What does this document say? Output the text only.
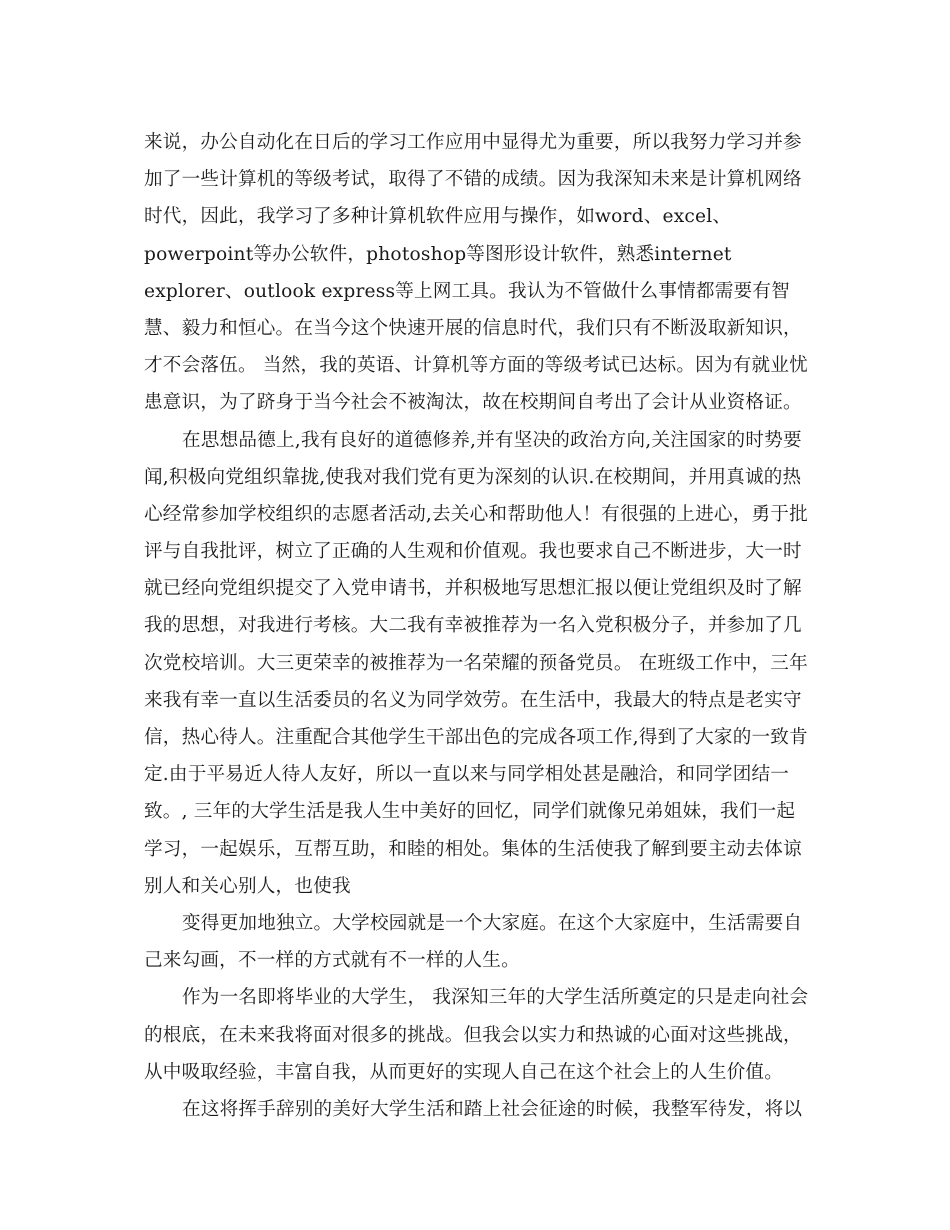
来说，办公自动化在日后的学习工作应用中显得尤为重要，所以我努力学习并参
加了一些计算机的等级考试，取得了不错的成绩。因为我深知未来是计算机网络
时代，因此，我学习了多种计算机软件应用与操作，如word、excel、
powerpoint等办公软件，photoshop等图形设计软件，熟悉internet
explorer、outlook express等上网工具。我认为不管做什么事情都需要有智
慧、毅力和恒心。在当今这个快速开展的信息时代，我们只有不断汲取新知识，
才不会落伍。 当然，我的英语、计算机等方面的等级考试已达标。因为有就业忧
患意识，为了跻身于当今社会不被淘汰，故在校期间自考出了会计从业资格证。
在思想品德上,我有良好的道德修养,并有坚决的政治方向,关注国家的时势要
闻,积极向党组织靠拢,使我对我们党有更为深刻的认识.在校期间，并用真诚的热
心经常参加学校组织的志愿者活动,去关心和帮助他人！有很强的上进心，勇于批
评与自我批评，树立了正确的人生观和价值观。我也要求自己不断进步，大一时
就已经向党组织提交了入党申请书，并积极地写思想汇报以便让党组织及时了解
我的思想，对我进行考核。大二我有幸被推荐为一名入党积极分子，并参加了几
次党校培训。大三更荣幸的被推荐为一名荣耀的预备党员。 在班级工作中，三年
来我有幸一直以生活委员的名义为同学效劳。在生活中，我最大的特点是老实守
信，热心待人。注重配合其他学生干部出色的完成各项工作,得到了大家的一致肯
定.由于平易近人待人友好，所以一直以来与同学相处甚是融洽，和同学团结一
致。, 三年的大学生活是我人生中美好的回忆，同学们就像兄弟姐妹，我们一起
学习，一起娱乐，互帮互助，和睦的相处。集体的生活使我了解到要主动去体谅
别人和关心别人，也使我
变得更加地独立。大学校园就是一个大家庭。在这个大家庭中，生活需要自
己来勾画，不一样的方式就有不一样的人生。
作为一名即将毕业的大学生， 我深知三年的大学生活所奠定的只是走向社会
的根底，在未来我将面对很多的挑战。但我会以实力和热诚的心面对这些挑战，
从中吸取经验，丰富自我，从而更好的实现人自己在这个社会上的人生价值。
在这将挥手辞别的美好大学生活和踏上社会征途的时候，我整军待发，将以
